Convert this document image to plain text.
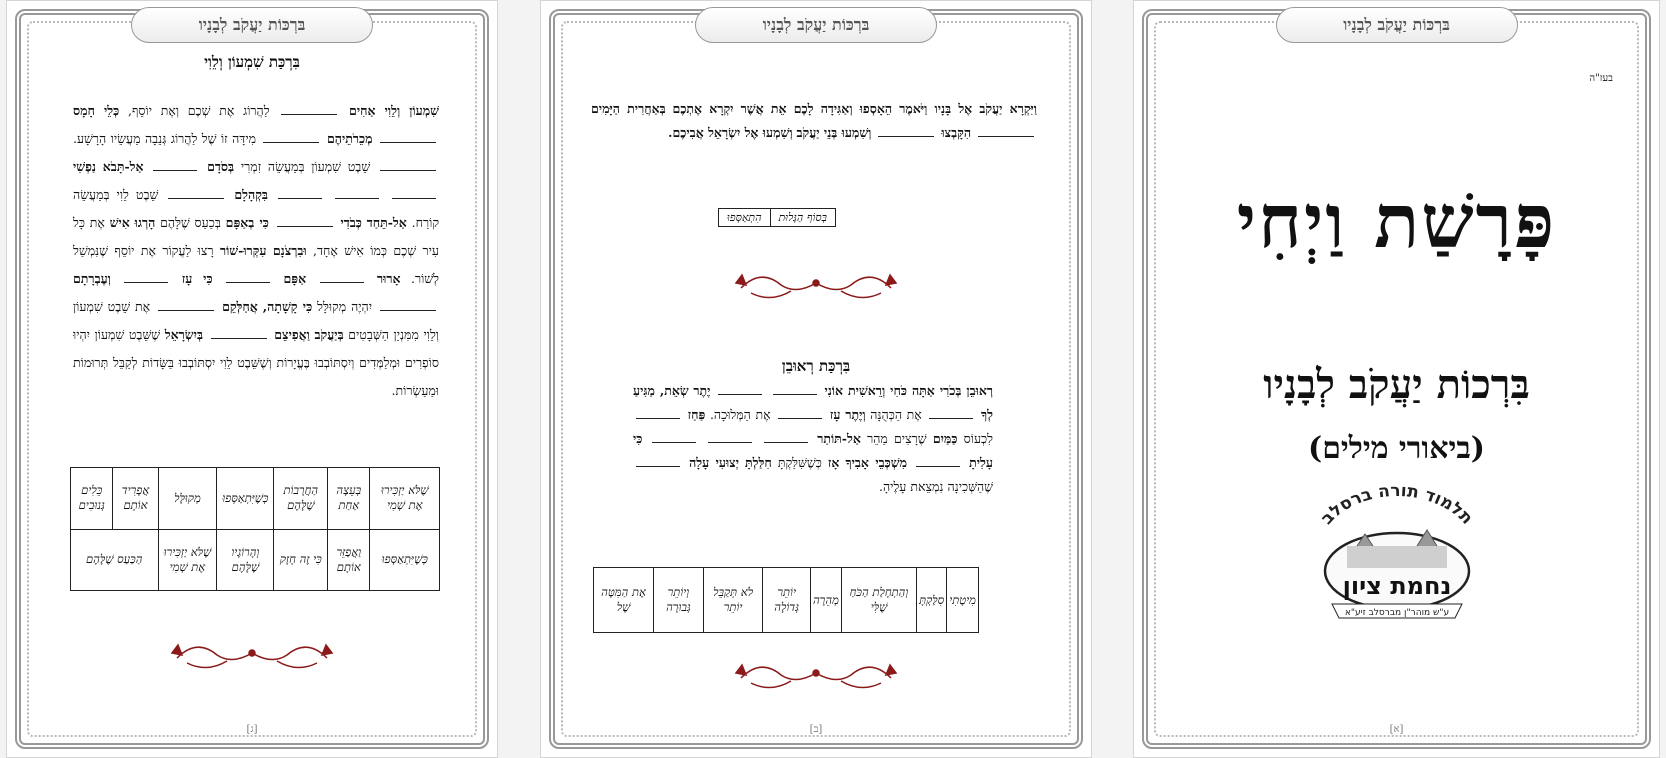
בּרְכּוֹת יַעֲקֹב לְבָנָיו
בִּרְכַּת שִׁמְעוֹן וְלֵוִי
שִׁמְעוֹן וְלֵוִי אַחִים  לַהֲרוֹג אֶת שְׁכֶם וְאֶת יוֹסֵף, כְּלֵי חָמָס  מְכֵרֹתֵיהֶם  מִידָּה זוֹ שֶׁל לַהֲרוֹג גְּנֵבָה מַעֲשֵׂיו הָרָשָׁע.  שֵׁבֶט שִׁמְעוֹן בְּמַעֲשֵׂה זִמְרִי בְּסֹדָם  אַל-תָּבֹא נַפְשִׁי    בִּקְהָלָם  שֵׁבֶט לֵוִי בְּמַעֲשֵׂה קוֹרַח. אַל-תֵּחַד כְּבֹדִי  כִּי בְאַפָּם בְּכַעַס שֶׁלָּהֶם הָרְגוּ אִישׁ אֶת כָּל עִיר שְׁכֶם כְּמוֹ אִישׁ אֶחָד, וּבִרְצֹנָם עִקְּרוּ-שׁוֹר רָצוּ לַעֲקוֹר אֶת יוֹסֵף שֶׁנִּמְשַׁל לְשׁוֹר. אָרוּר  אַפָּם  כִּי עָז  וְעֶבְרָתָם  יִהְיֶה מְקוּלָּל כִּי קָשָׁתָה, אֲחַלְּקֵם  אֶת שֵׁבֶט שִׁמְעוֹן וְלֵוִי מִמִּנְיַן הַשְּׁבָטִים בְּיַעֲקֹב וַאֲפִיצֵם  בְּיִשְׂרָאֵל שֶׁשֵּׁבֶט שִׁמְעוֹן יִהְיוּ סוֹפְרִים וּמְלַמְּדִים וְיִסְתּוֹבְבוּ בֶּעֱיָרוֹת וְשֶׁשֵּׁבֶט לֵוִי יִסְתּוֹבְבוּ בַּשָּׂדוֹת לְקַבֵּל תְּרוּמוֹת וּמַעַשְׂרוֹת.
שֶׁלֹּא יַזְכִּירוּ אֶת שְׁמִי	בְּעֵצָה אַחַת	הַחֲרָבוֹת שֶׁלָּהֶם	כְּשֶׁיִּתְאַסְּפוּ	מְקוּלָּל	אֲפָרִיד אוֹתָם	כֵּלִים גְּנוּבִים
כְּשֶׁיִּתְאַסְּפוּ	וַאֲפַזֵּר אוֹתָם	כִּי זֶה חָזָק	וְהָרוֹגָיו שֶׁלָּהֶם	שֶׁלֹּא יַזְכִּירוּ אֶת שְׁמִי	הַכַּעַס שֶׁלָּהֶם	
[ג]
בּרְכּוֹת יַעֲקֹב לְבָנָיו
וַיִּקְרָא יַעֲקֹב אֶל בָּנָיו וַיֹּאמֶר הֵאָסְפוּ וְאַגִּידָה לָכֶם אֵת אֲשֶׁר יִקְרָא אֶתְכֶם בְּאַחֲרִית הַיָּמִים  הִקָּבְצוּ  וְשִׁמְעוּ בְּנֵי יַעֲקֹב וְשִׁמְעוּ אֶל יִשְׂרָאֵל אֲבִיכֶם.
בְּסוֹף הַגָּלוּת	הִתְאַסְּפוּ
בִּרְכַּת רְאוּבֵן
רְאוּבֵן בְּכֹרִי אַתָּה כֹּחִי וְרֵאשִׁית אוֹנִי   יֶתֶר שְׂאֵת, מַגִּיעַ לְךָ  אֶת הַכְּהֻנָּה וְיֶתֶר עָז  אֶת הַמְּלוּכָה. פַּחַז  לִכְעוֹס כַּמַּיִם שֶׁרָצִים מַהֵר אַל-תּוֹתַר    כִּי עָלִיתָ  מִשְׁכְּבֵי אָבִיךָ אָז כְּשֶׁשִּׁלַּקְתָּ חִלַּלְתָּ יְצוּעִי עָלָה  שֶׁהַשְּׁכִינָה נִמְצֵאת עָלֶיהָ.
מִיטָתִי	סִלַּקְתָּ	וְהַתְחָלַת הַכֹּחַ שֶׁלִּי	מְהֵרָה	יוֹתֵר גְּדוֹלָה	לֹא תְּקַבֵּל יוֹתֵר	וְיוֹתֵר גְּבוּרָה	אֶת הַמִּטָּה שֶׁל
[ב]
בּרְכּוֹת יַעֲקֹב לְבָנָיו
בעז"ה
פָּרָשַׁת וַיְחִי
בִּרְכוֹת יַעֲקֹב לְבָנָיו
(ביאורי מילים)
תלמוד תורה ברסלב
נחמת ציון
ע"ש מוהר"ן מברסלב זיע"א
[א]
